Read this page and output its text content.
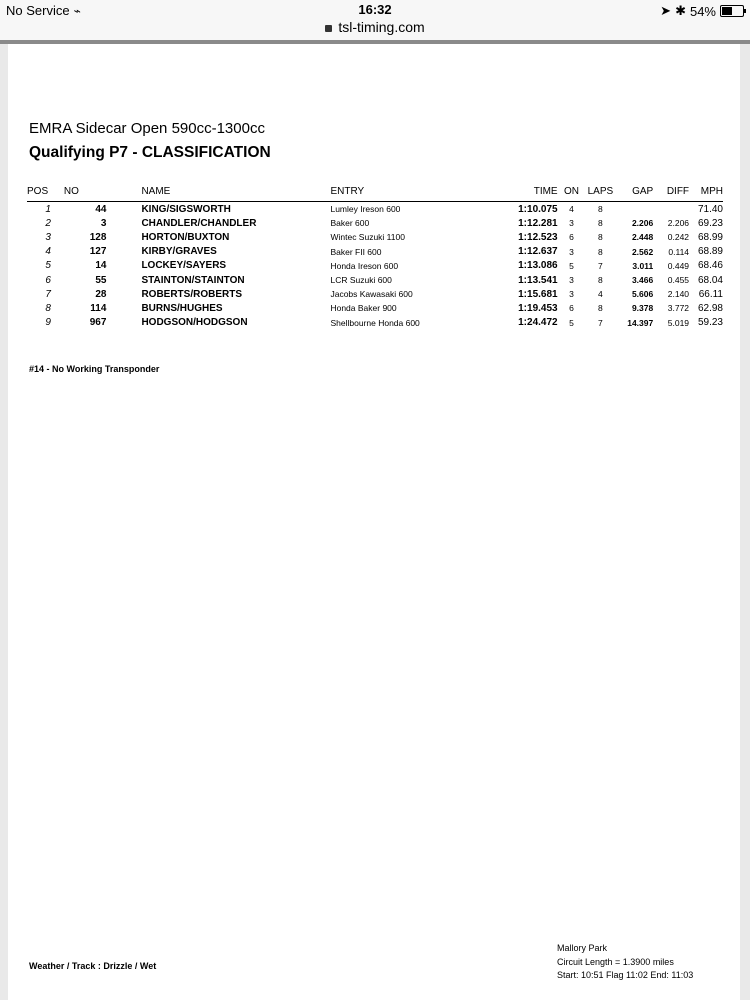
No Service ⌁	16:32
tsl-timing.com
➤ ✱ 54%
EMRA Sidecar Open 590cc-1300cc
Qualifying P7 - CLASSIFICATION
POS	NO	NAME	ENTRY	TIME	ON	LAPS	GAP	DIFF	MPH
1	44	KING/SIGSWORTH	Lumley Ireson 600	1:10.075	4	8			71.40
2	3	CHANDLER/CHANDLER	Baker 600	1:12.281	3	8	2.206	2.206	69.23
3	128	HORTON/BUXTON	Wintec Suzuki 1100	1:12.523	6	8	2.448	0.242	68.99
4	127	KIRBY/GRAVES	Baker FII 600	1:12.637	3	8	2.562	0.114	68.89
5	14	LOCKEY/SAYERS	Honda Ireson 600	1:13.086	5	7	3.011	0.449	68.46
6	55	STAINTON/STAINTON	LCR Suzuki 600	1:13.541	3	8	3.466	0.455	68.04
7	28	ROBERTS/ROBERTS	Jacobs Kawasaki 600	1:15.681	3	4	5.606	2.140	66.11
8	114	BURNS/HUGHES	Honda Baker 900	1:19.453	6	8	9.378	3.772	62.98
9	967	HODGSON/HODGSON	Shellbourne Honda 600	1:24.472	5	7	14.397	5.019	59.23
#14 - No Working Transponder
Weather / Track : Drizzle / Wet
Mallory Park
Circuit Length = 1.3900 miles
Start: 10:51 Flag 11:02 End: 11:03
